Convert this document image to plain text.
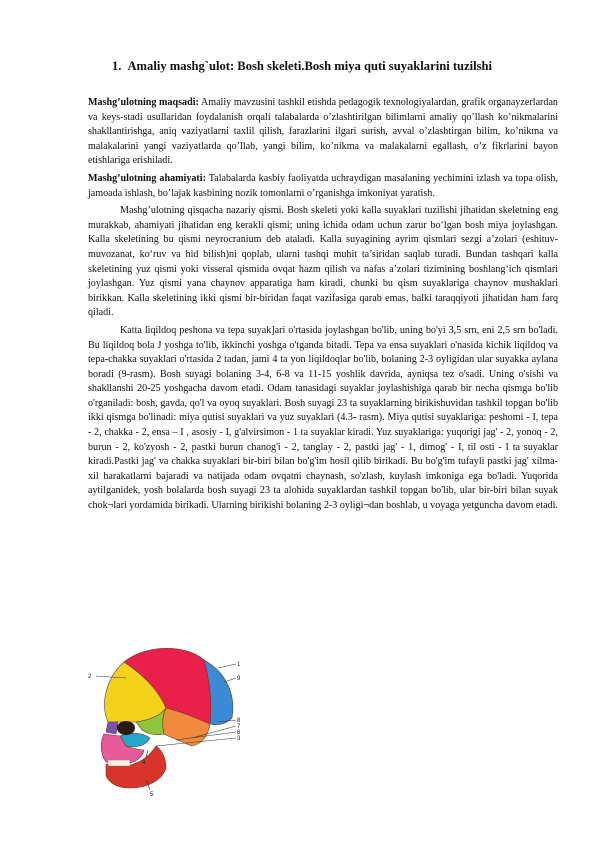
1. Amaliy mashg`ulot: Bosh skeleti.Bosh miya quti suyaklarini tuzilshi

Mashg’ulotning maqsadi: Amaliy mavzusini tashkil etishda pedagogik texnologiyalardan, grafik organayzerlardan va keys-stadi usullaridan foydalanish orqali talabalarda o’zlashtirilgan bilimlarni amaliy qo’llash ko’nikmalarini shakllantirishga, aniq vaziyatlarni taxlil qilish, farazlarini ilgari surish, avval o’zlashtirgan bilim, ko’nikma va malakalarini yangi vaziyatlarda qo’llab, yangi bilim, ko’nikma va malakalarni egallash, o’z fikrlarini bayon etishlariga erishiladi.

Mashg’ulotning ahamiyati: Talabalarda kasbiy faoliyatda uchraydigan masalaning yechimini izlash va topa olish, jamoada ishlash, bo’lajak kasbining nozik tomonlarni o’rganishga imkoniyat yaratish.

Mashg’ulotning qisqacha nazariy qismi. Bosh skeleti yoki kalla suyaklari tuzilishi jihatidan skeletning eng murakkab, ahamiyati jihatidan eng kerakli qismi; uning ichida odam uchun zarur bo‘lgan bosh miya joylashgan. Kalla skeletining bu qismi neyrocranium deb ataladi. Kalla suyagining ayrim qismlari sezgi a’zolari (eshituv-muvozanat, ko‘ruv va hid bilish)ni qoplab, ularni tashqi muhit ta’siridan saqlab turadi. Bundan tashqari kalla skeletining yuz qismi yoki visseral qismida ovqat hazm qilish va nafas a’zolari tizimining boshlang‘ich qismlari joylashgan. Yuz qismi yana chaynov apparatiga ham kiradi, chunki bu qism suyaklariga chaynov mushaklari birikkan. Kalla skeletining ikki qismi bir-biridan faqat vazifasiga qarab emas, balki taraqqiyoti jihatidan ham farq qiladi.

Katta liqildoq peshona va tepa suyak]ari o'rtasida joylashgan bo'lib, uning bo'yi 3,5 srn, eni 2,5 srn bo'ladi. Bu liqildoq bola J yoshga to'lib, ikkinchi yoshga o'tganda bitadi. Tepa va ensa suyaklari o'nasida kichik liqildoq va tepa-chakka suyaklari o'rtasida 2 tadan, jami 4 ta yon liqildoqlar bo'lib, bolaning 2-3 oyligidan ular suyakka aylana boradi (9-rasm). Bosh suyagi bolaning 3-4, 6-8 va 11-15 yoshlik davrida, ayniqsa tez o'sadi. Uning o'sishi va shakllanshi 20-25 yoshgacha davom etadi. Odam tanasidagi suyaklar joylashishiga qarab bir necha qismga bo'lib o'rganiladi: bosh, gavda, qo'l va oyoq suyaklari. Bosh suyagi 23 ta suyaklarning birikishuvidan tashkil topgan bo'lib ikki qismga bo'linadi: miya qutisi suyaklari va yuz suyaklari (4.3- rasm). Miya qutisi suyaklariga: peshomi - I, tepa - 2, chakka - 2, ensa – I , asosiy - I, g'alvirsimon - 1 ta suyaklar kiradi. Yuz suyaklariga: yuqorigi jag' - 2, yonoq - 2, burun - 2, ko'zyosh - 2, pastki burun chanog'i - 2, tanglay - 2, pastki jag' - 1, dimog' - I, til osti - I ta suyaklar kiradi.Pastki jag' va chakka suyaklari bir-biri bilan bo'g'im hosil qilib birikadi. Bu bo'g'im tufayli pastki jag' xilma-xil harakatlarni bajaradi va natijada odam ovqatni chaynash, so'zlash, kuylash imkoniga ega bo'ladi. Yuqorida aytilganidek, yosh bolalarda bosh suyagi 23 ta alohida suyaklardan tashkil topgan bo'lib, ular bir-biri bilan suyak chok¬lari yordamida birikadi. Ularning birikishi bolaning 2-3 oyligi¬dan boshlab, u voyaga yetguncha davom etadi.

2
1
9
8
7
6
3
4
5
